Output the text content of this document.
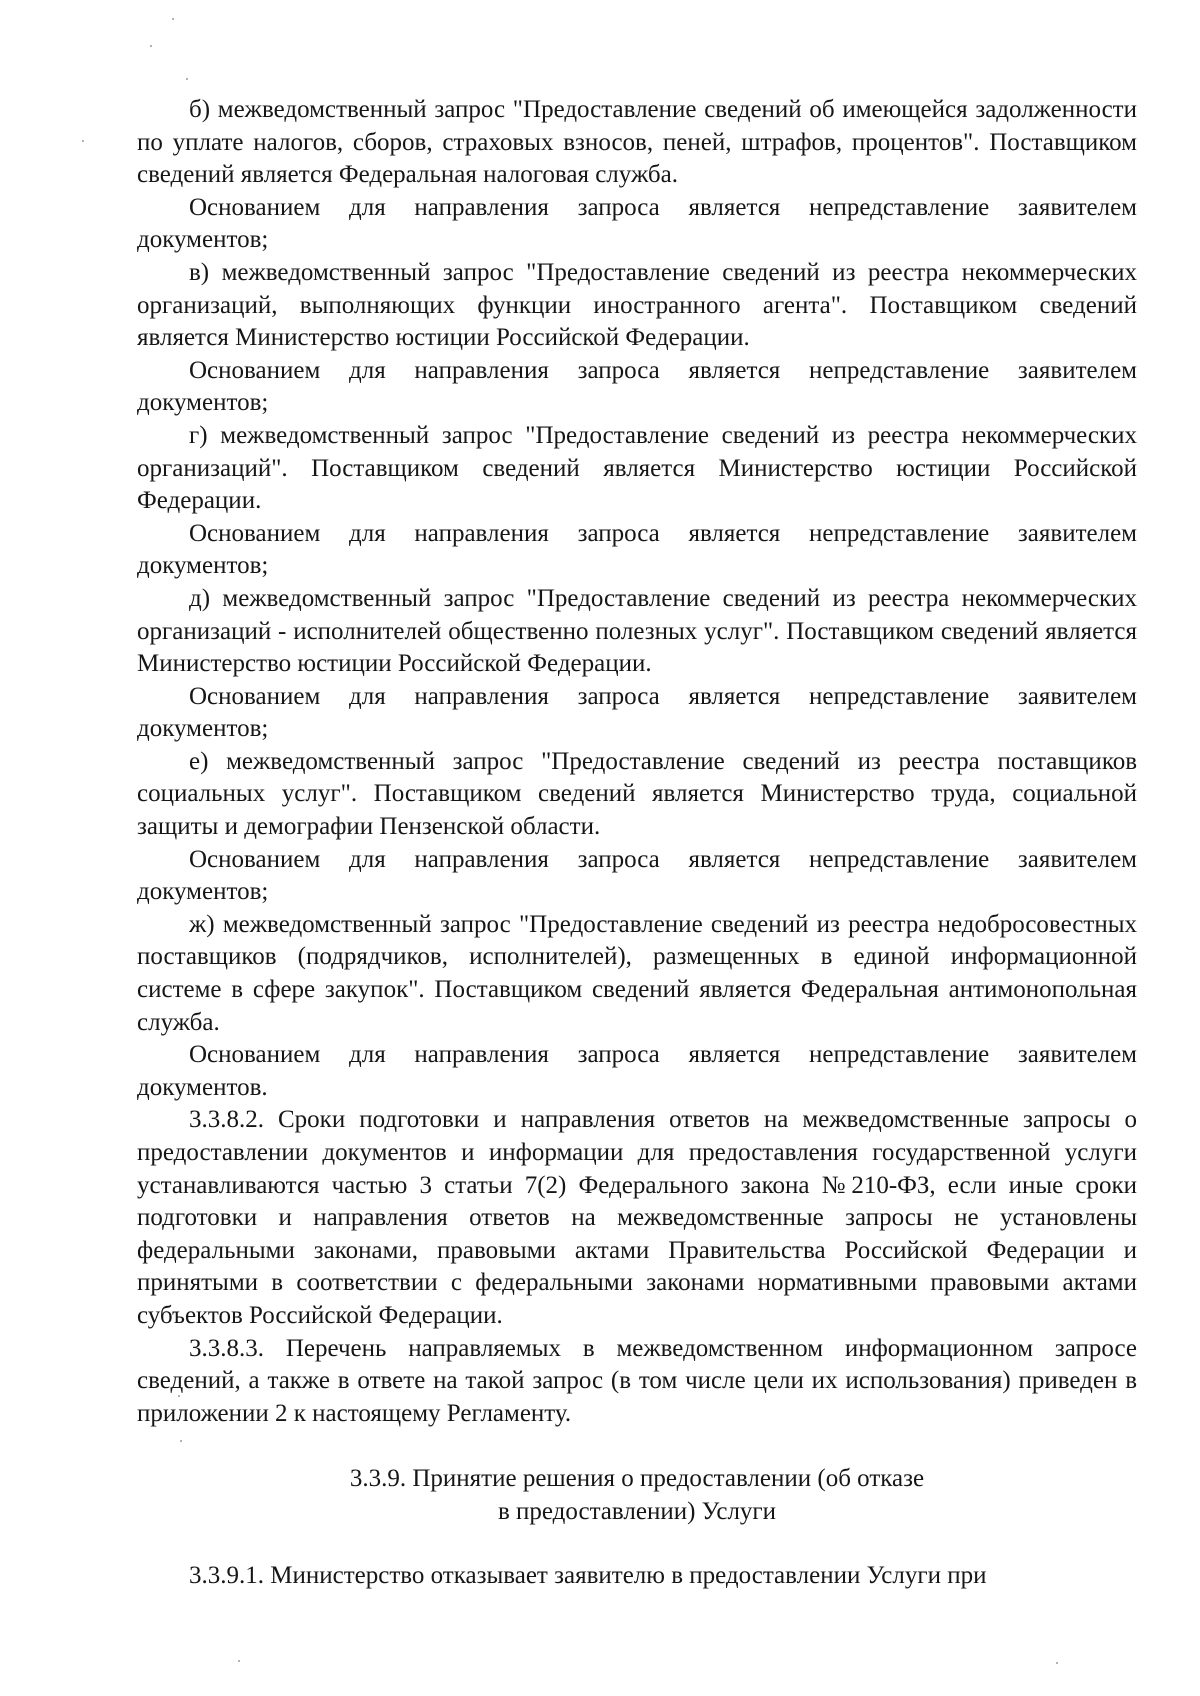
б) межведомственный запрос "Предоставление сведений об имеющейся задолженности по уплате налогов, сборов, страховых взносов, пеней, штрафов, процентов". Поставщиком сведений является Федеральная налоговая служба.

Основанием для направления запроса является непредставление заявителем документов;

в) межведомственный запрос "Предоставление сведений из реестра некоммерческих организаций, выполняющих функции иностранного агента". Поставщиком сведений является Министерство юстиции Российской Федерации.

Основанием для направления запроса является непредставление заявителем документов;

г) межведомственный запрос "Предоставление сведений из реестра некоммерческих организаций". Поставщиком сведений является Министерство юстиции Российской Федерации.

Основанием для направления запроса является непредставление заявителем документов;

д) межведомственный запрос "Предоставление сведений из реестра некоммерческих организаций - исполнителей общественно полезных услуг". Поставщиком сведений является Министерство юстиции Российской Федерации.

Основанием для направления запроса является непредставление заявителем документов;

е) межведомственный запрос "Предоставление сведений из реестра поставщиков социальных услуг". Поставщиком сведений является Министерство труда, социальной защиты и демографии Пензенской области.

Основанием для направления запроса является непредставление заявителем документов;

ж) межведомственный запрос "Предоставление сведений из реестра недобросовестных поставщиков (подрядчиков, исполнителей), размещенных в единой информационной системе в сфере закупок". Поставщиком сведений является Федеральная антимонопольная служба.

Основанием для направления запроса является непредставление заявителем документов.

3.3.8.2. Сроки подготовки и направления ответов на межведомственные запросы о предоставлении документов и информации для предоставления государственной услуги устанавливаются частью 3 статьи 7(2) Федерального закона №210-ФЗ, если иные сроки подготовки и направления ответов на межведомственные запросы не установлены федеральными законами, правовыми актами Правительства Российской Федерации и принятыми в соответствии с федеральными законами нормативными правовыми актами субъектов Российской Федерации.

3.3.8.3. Перечень направляемых в межведомственном информационном запросе сведений, а также в ответе на такой запрос (в том числе цели их использования) приведен в приложении 2 к настоящему Регламенту.

3.3.9. Принятие решения о предоставлении (об отказе
в предоставлении) Услуги

3.3.9.1. Министерство отказывает заявителю в предоставлении Услуги при
